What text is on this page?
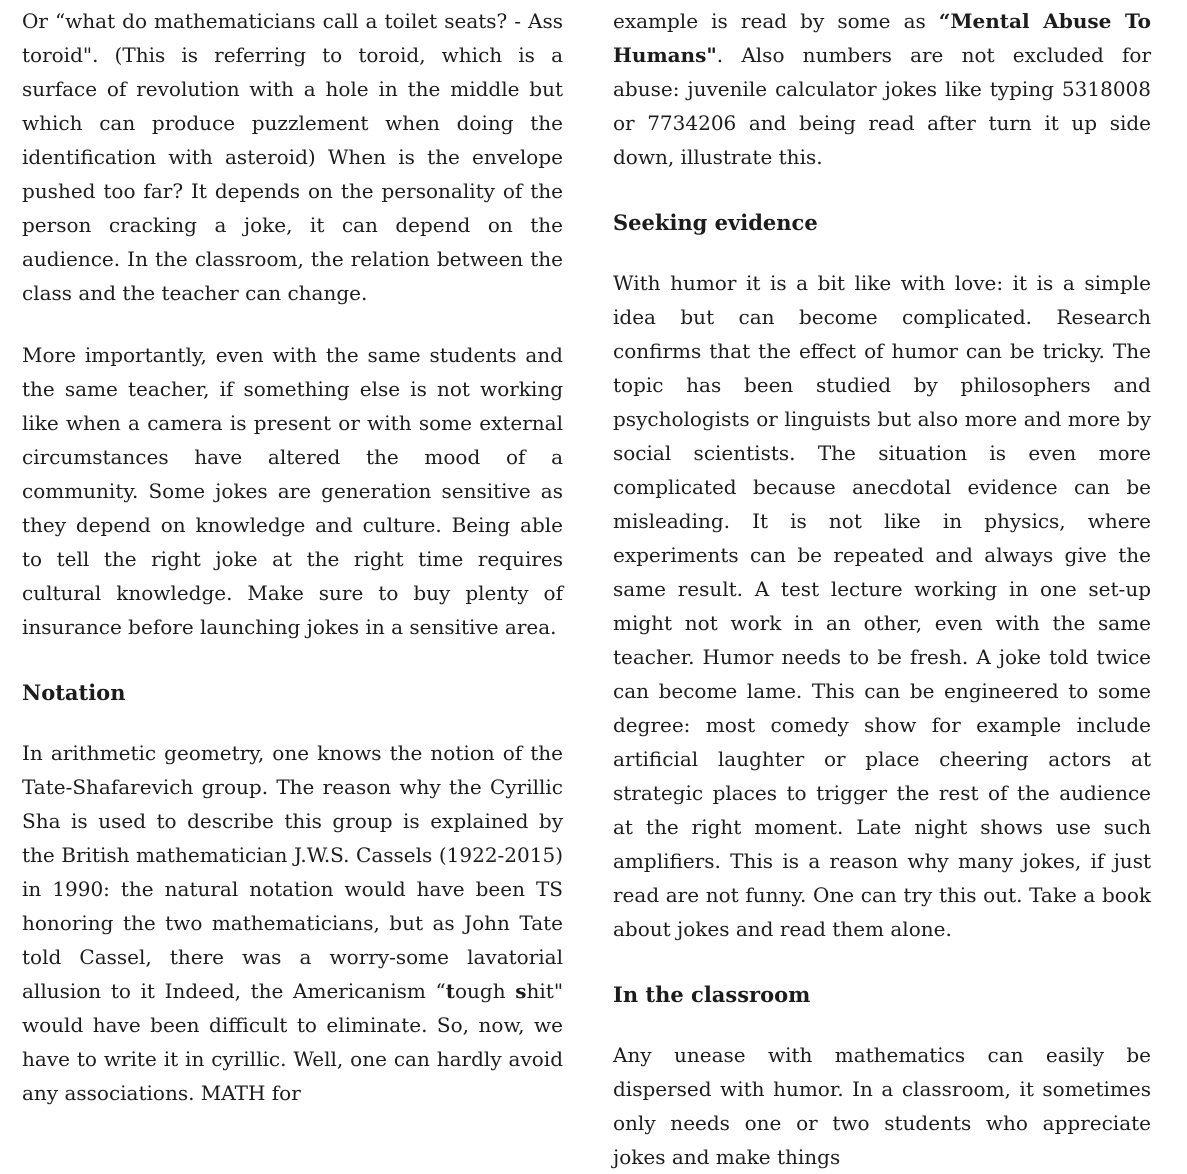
Or “what do mathematicians call a toilet seats? - Ass toroid". (This is referring to toroid, which is a surface of revolution with a hole in the middle but which can produce puzzlement when doing the identification with asteroid) When is the envelope pushed too far? It depends on the personality of the person cracking a joke, it can depend on the audience. In the classroom, the relation between the class and the teacher can change.

More importantly, even with the same students and the same teacher, if something else is not working like when a camera is present or with some external circumstances have altered the mood of a community. Some jokes are generation sensitive as they depend on knowledge and culture. Being able to tell the right joke at the right time requires cultural knowledge. Make sure to buy plenty of insurance before launching jokes in a sensitive area.

Notation

In arithmetic geometry, one knows the notion of the Tate-Shafarevich group. The reason why the Cyrillic Sha is used to describe this group is explained by the British mathematician J.W.S. Cassels (1922-2015) in 1990: the natural notation would have been TS honoring the two mathematicians, but as John Tate told Cassel, there was a worry-some lavatorial allusion to it Indeed, the Americanism “tough shit" would have been difficult to eliminate. So, now, we have to write it in cyrillic. Well, one can hardly avoid any associations. MATH for

example is read by some as “Mental Abuse To Humans". Also numbers are not excluded for abuse: juvenile calculator jokes like typing 5318008 or 7734206 and being read after turn it up side down, illustrate this.

Seeking evidence

With humor it is a bit like with love: it is a simple idea but can become complicated. Research confirms that the effect of humor can be tricky. The topic has been studied by philosophers and psychologists or linguists but also more and more by social scientists. The situation is even more complicated because anecdotal evidence can be misleading. It is not like in physics, where experiments can be repeated and always give the same result. A test lecture working in one set-up might not work in an other, even with the same teacher. Humor needs to be fresh. A joke told twice can become lame. This can be engineered to some degree: most comedy show for example include artificial laughter or place cheering actors at strategic places to trigger the rest of the audience at the right moment. Late night shows use such amplifiers. This is a reason why many jokes, if just read are not funny. One can try this out. Take a book about jokes and read them alone.

In the classroom

Any unease with mathematics can easily be dispersed with humor. In a classroom, it sometimes only needs one or two students who appreciate jokes and make things
